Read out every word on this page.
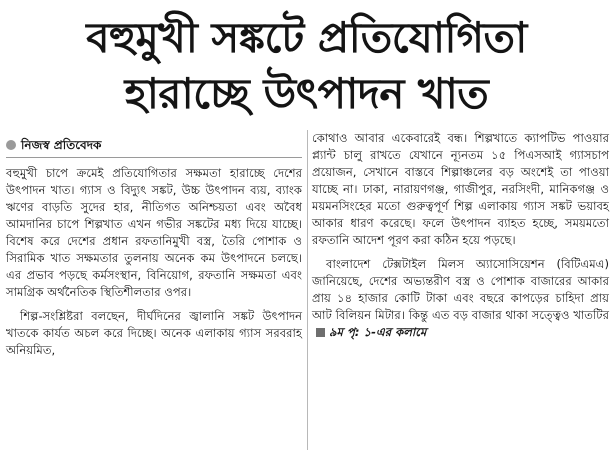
বহুমুখী সঙ্কটে প্রতিযোগিতা
হারাচ্ছে উৎপাদন খাত
নিজস্ব প্রতিবেদক

বহুমুখী চাপে ক্রমেই প্রতিযোগিতার সক্ষমতা হারাচ্ছে দেশের উৎপাদন খাত। গ্যাস ও বিদ্যুৎ সঙ্কট, উচ্চ উৎপাদন ব্যয়, ব্যাংক ঋণের বাড়তি সুদের হার, নীতিগত অনিশ্চয়তা এবং অবৈধ আমদানির চাপে শিল্পখাত এখন গভীর সঙ্কটের মধ্য দিয়ে যাচ্ছে। বিশেষ করে দেশের প্রধান রফতানিমুখী বস্ত্র, তৈরি পোশাক ও সিরামিক খাত সক্ষমতার তুলনায় অনেক কম উৎপাদনে চলছে। এর প্রভাব পড়ছে কর্মসংস্থান, বিনিয়োগ, রফতানি সক্ষমতা এবং সামগ্রিক অর্থনৈতিক স্থিতিশীলতার ওপর।

শিল্প-সংশ্লিষ্টরা বলছেন, দীর্ঘদিনের জ্বালানি সঙ্কট উৎপাদন খাতকে কার্যত অচল করে দিচ্ছে। অনেক এলাকায় গ্যাস সরবরাহ অনিয়মিত,

কোথাও আবার একেবারেই বন্ধ। শিল্পখাতে ক্যাপটিভ পাওয়ার প্ল্যান্ট চালু রাখতে যেখানে ন্যূনতম ১৫ পিএসআই গ্যাসচাপ প্রয়োজন, সেখানে বাস্তবে শিল্পাঞ্চলের বড় অংশেই তা পাওয়া যাচ্ছে না। ঢাকা, নারায়ণগঞ্জ, গাজীপুর, নরসিংদী, মানিকগঞ্জ ও ময়মনসিংহের মতো গুরুত্বপূর্ণ শিল্প এলাকায় গ্যাস সঙ্কট ভয়াবহ আকার ধারণ করেছে। ফলে উৎপাদন ব্যাহত হচ্ছে, সময়মতো রফতানি আদেশ পূরণ করা কঠিন হয়ে পড়ছে।

বাংলাদেশ টেক্সটাইল মিলস অ্যাসোসিয়েশন (বিটিএমএ) জানিয়েছে, দেশের অভ্যন্তরীণ বস্ত্র ও পোশাক বাজারের আকার প্রায় ১৪ হাজার কোটি টাকা এবং বছরে কাপড়ের চাহিদা প্রায় আট বিলিয়ন মিটার। কিন্তু এত বড় বাজার থাকা সত্ত্বেও খাতটির৯ম পৃ: ১-এর কলামে
